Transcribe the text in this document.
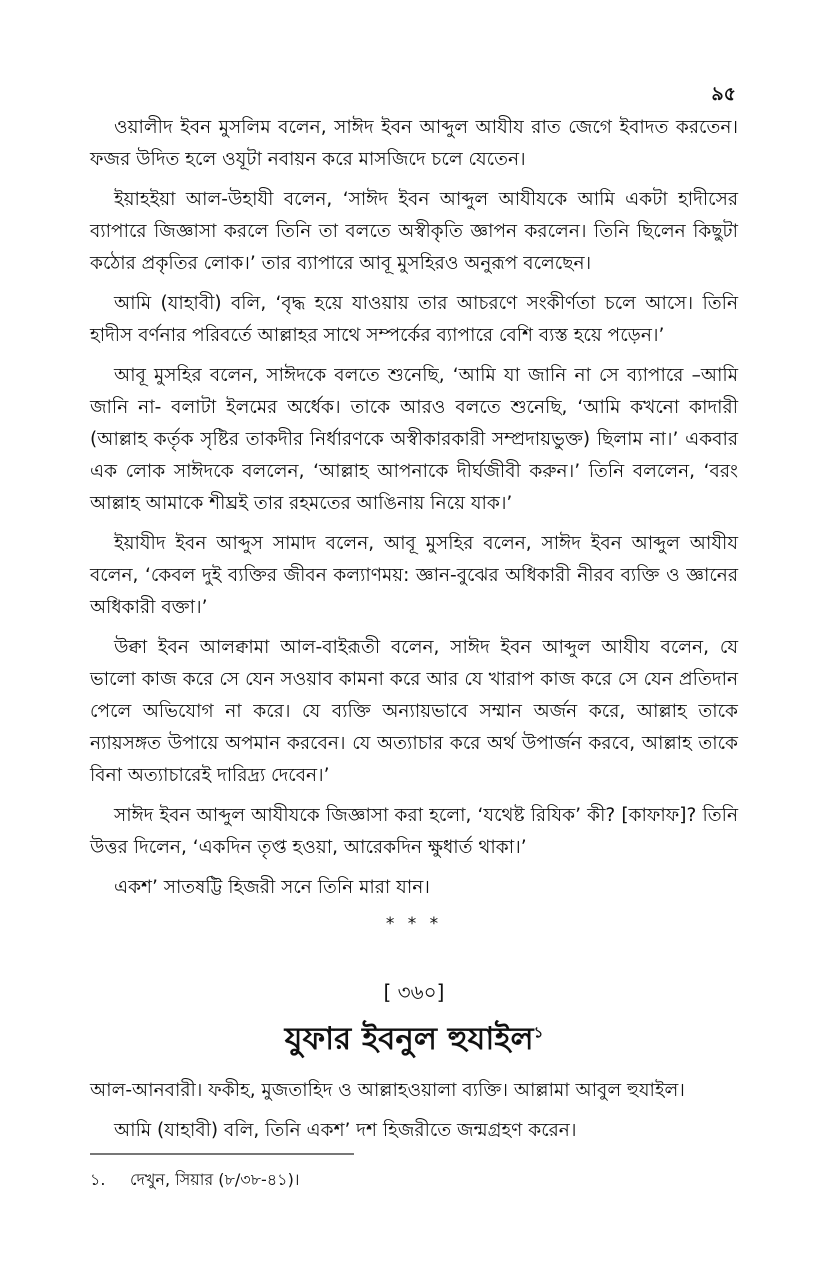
৯৫

ওয়ালীদ ইবন মুসলিম বলেন, সাঈদ ইবন আব্দুল আযীয রাত জেগে ইবাদত করতেন। ফজর উদিত হলে ওযূটা নবায়ন করে মাসজিদে চলে যেতেন।

ইয়াহইয়া আল-উহাযী বলেন, ‘সাঈদ ইবন আব্দুল আযীযকে আমি একটা হাদীসের ব্যাপারে জিজ্ঞাসা করলে তিনি তা বলতে অস্বীকৃতি জ্ঞাপন করলেন। তিনি ছিলেন কিছুটা কঠোর প্রকৃতির লোক।’ তার ব্যাপারে আবূ মুসহিরও অনুরূপ বলেছেন।

আমি (যাহাবী) বলি, ‘বৃদ্ধ হয়ে যাওয়ায় তার আচরণে সংকীর্ণতা চলে আসে। তিনি হাদীস বর্ণনার পরিবর্তে আল্লাহর সাথে সম্পর্কের ব্যাপারে বেশি ব্যস্ত হয়ে পড়েন।’

আবূ মুসহির বলেন, সাঈদকে বলতে শুনেছি, ‘আমি যা জানি না সে ব্যাপারে –আমি জানি না- বলাটা ইলমের অর্ধেক। তাকে আরও বলতে শুনেছি, ‘আমি কখনো কাদারী (আল্লাহ কর্তৃক সৃষ্টির তাকদীর নির্ধারণকে অস্বীকারকারী সম্প্রদায়ভুক্ত) ছিলাম না।’ একবার এক লোক সাঈদকে বললেন, ‘আল্লাহ আপনাকে দীর্ঘজীবী করুন।’ তিনি বললেন, ‘বরং আল্লাহ আমাকে শীঘ্রই তার রহমতের আঙিনায় নিয়ে যাক।’

ইয়াযীদ ইবন আব্দুস সামাদ বলেন, আবূ মুসহির বলেন, সাঈদ ইবন আব্দুল আযীয বলেন, ‘কেবল দুই ব্যক্তির জীবন কল্যাণময়: জ্ঞান-বুঝের অধিকারী নীরব ব্যক্তি ও জ্ঞানের অধিকারী বক্তা।’

উক্বা ইবন আলক্বামা আল-বাইরূতী বলেন, সাঈদ ইবন আব্দুল আযীয বলেন, যে ভালো কাজ করে সে যেন সওয়াব কামনা করে আর যে খারাপ কাজ করে সে যেন প্রতিদান পেলে অভিযোগ না করে। যে ব্যক্তি অন্যায়ভাবে সম্মান অর্জন করে, আল্লাহ তাকে ন্যায়সঙ্গত উপায়ে অপমান করবেন। যে অত্যাচার করে অর্থ উপার্জন করবে, আল্লাহ তাকে বিনা অত্যাচারেই দারিদ্র্য দেবেন।’

সাঈদ ইবন আব্দুল আযীযকে জিজ্ঞাসা করা হলো, ‘যথেষ্ট রিযিক’ কী? [কাফাফ]? তিনি উত্তর দিলেন, ‘একদিন তৃপ্ত হওয়া, আরেকদিন ক্ষুধার্ত থাকা।’

একশ’ সাতষট্টি হিজরী সনে তিনি মারা যান।

* * *
[ ৩৬০]
যুফার ইবনুল হুযাইল$^১$

আল-আনবারী। ফকীহ, মুজতাহিদ ও আল্লাহওয়ালা ব্যক্তি। আল্লামা আবুল হুযাইল।

আমি (যাহাবী) বলি, তিনি একশ’ দশ হিজরীতে জন্মগ্রহণ করেন।

১. দেখুন, সিয়ার (৮/৩৮-৪১)।
